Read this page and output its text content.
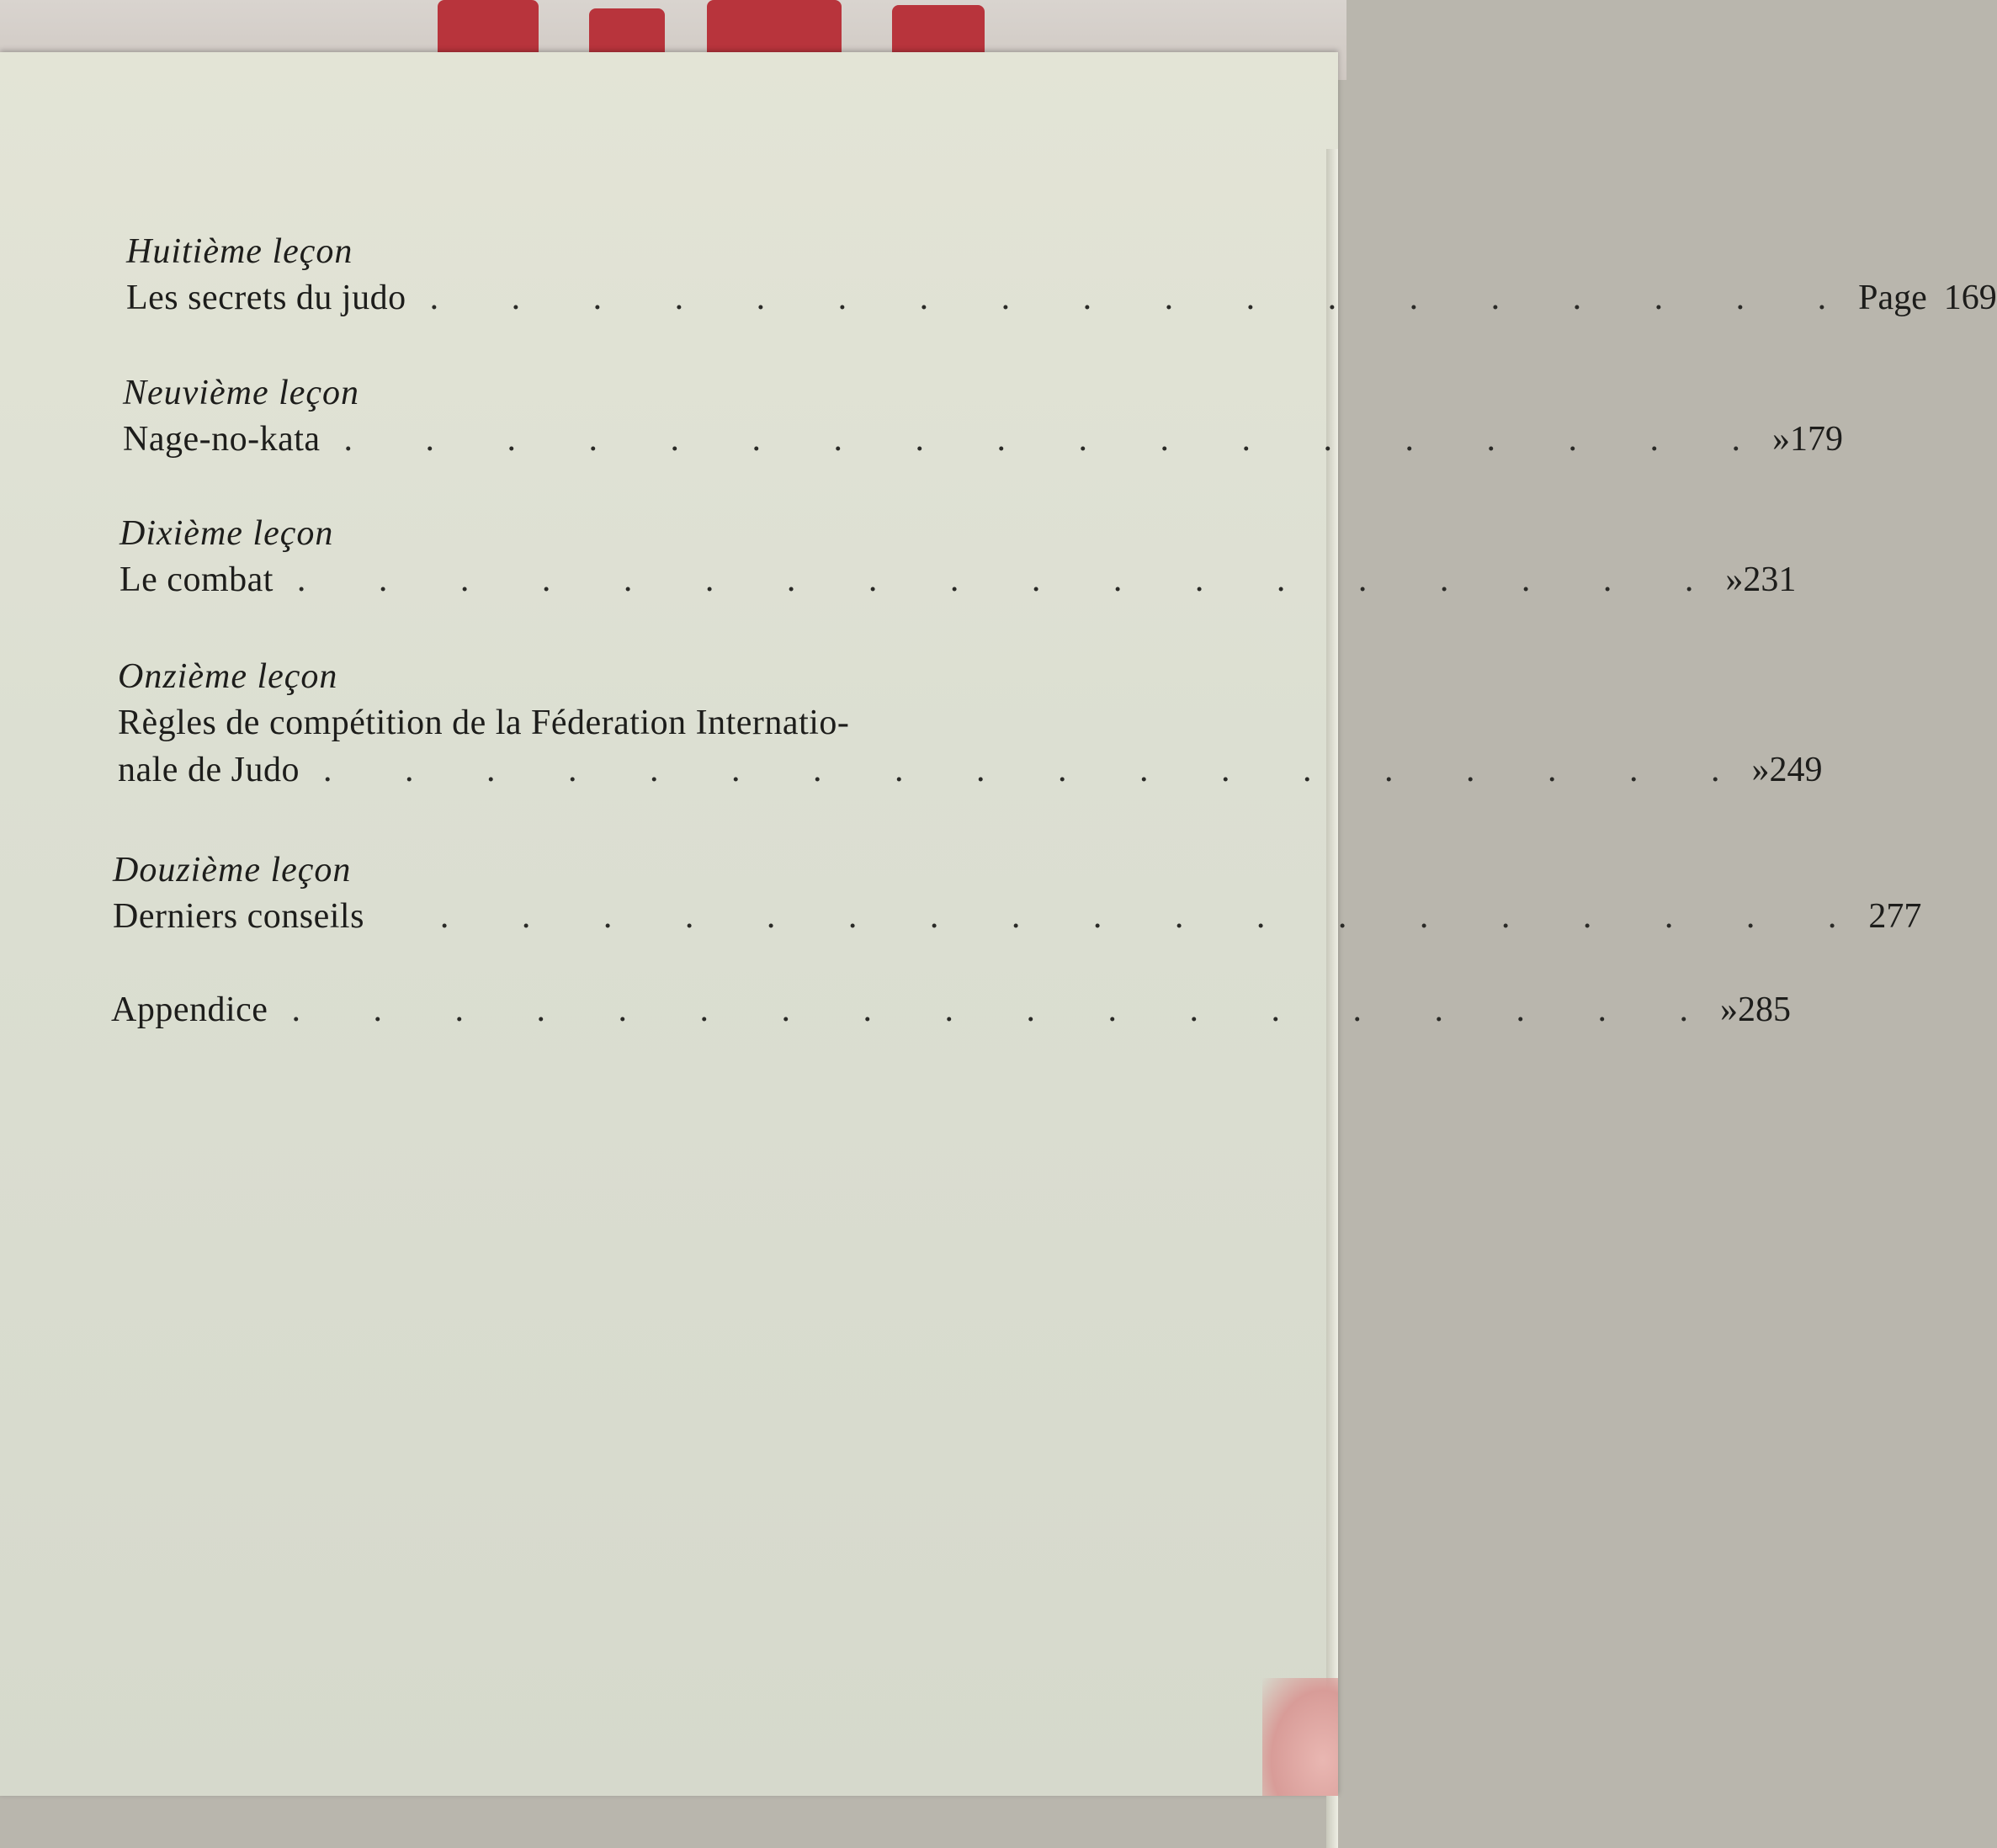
Huitième leçon
Les secrets du judo . . . . . . . . . . . . . . . . . . Page 169
Neuvième leçon
Nage-no-kata . . . . . . . . . . . . . . . . . . » 179
Dixième leçon
Le combat . . . . . . . . . . . . . . . . . . » 231
Onzième leçon
Règles de compétition de la Féderation Internatio-
nale de Judo . . . . . . . . . . . . . . . . . . » 249
Douzième leçon
Derniers conseils	. . . . . . . . . . . . . . . . . . 277
Appendice . . . . . . . . . . . . . . . . . . » 285
